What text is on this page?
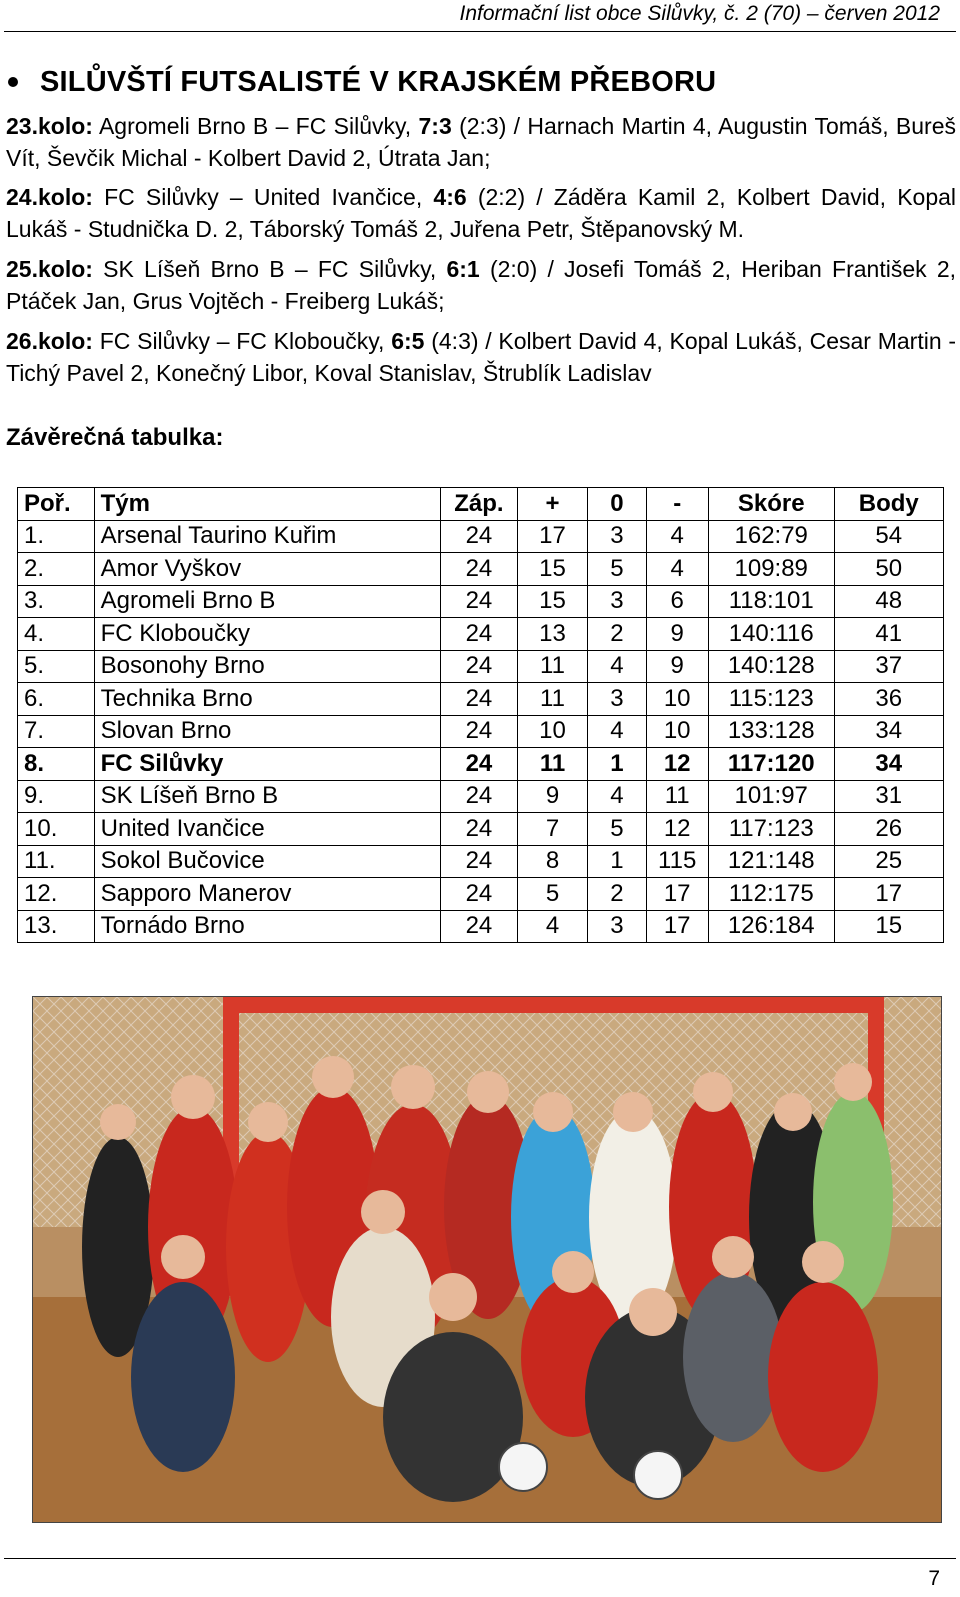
Informační list obce Silůvky, č. 2 (70) – červen 2012
SILŮVŠTÍ FUTSALISTÉ V KRAJSKÉM PŘEBORU
23.kolo: Agromeli Brno B – FC Silůvky, 7:3 (2:3) / Harnach Martin 4, Augustin Tomáš, Bureš Vít, Ševčik Michal - Kolbert David 2, Útrata Jan;
24.kolo: FC Silůvky – United Ivančice, 4:6 (2:2) / Záděra Kamil 2, Kolbert David, Kopal Lukáš - Studnička D. 2, Táborský Tomáš 2, Juřena Petr, Štěpanovský M.
25.kolo: SK Líšeň Brno B – FC Silůvky, 6:1 (2:0) / Josefi Tomáš 2, Heriban František 2, Ptáček Jan, Grus Vojtěch - Freiberg Lukáš;
26.kolo: FC Silůvky – FC Kloboučky, 6:5 (4:3) / Kolbert David 4, Kopal Lukáš, Cesar Martin - Tichý Pavel 2, Konečný Libor, Koval Stanislav, Štrublík Ladislav
Závěrečná tabulka:
Poř.	Tým	Záp.	+	0	-	Skóre	Body
1.	Arsenal Taurino Kuřim	24	17	3	4	162:79	54
2.	Amor Vyškov	24	15	5	4	109:89	50
3.	Agromeli Brno B	24	15	3	6	118:101	48
4.	FC Kloboučky	24	13	2	9	140:116	41
5.	Bosonohy Brno	24	11	4	9	140:128	37
6.	Technika Brno	24	11	3	10	115:123	36
7.	Slovan Brno	24	10	4	10	133:128	34
8.	FC Silůvky	24	11	1	12	117:120	34
9.	SK Líšeň Brno B	24	9	4	11	101:97	31
10.	United Ivančice	24	7	5	12	117:123	26
11.	Sokol Bučovice	24	8	1	115	121:148	25
12.	Sapporo Manerov	24	5	2	17	112:175	17
13.	Tornádo Brno	24	4	3	17	126:184	15
7
